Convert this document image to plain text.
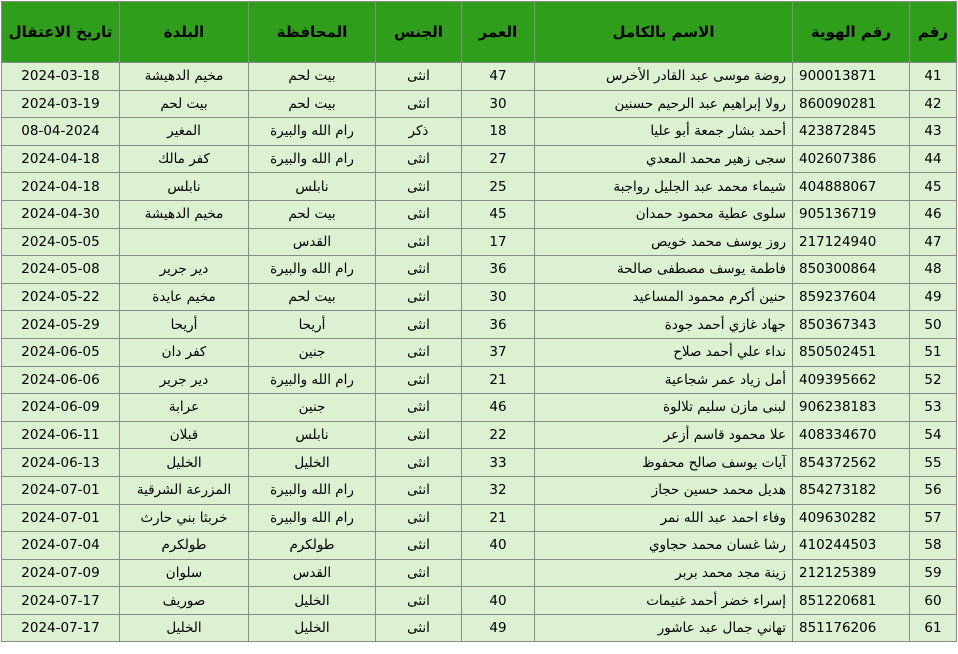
رقم	رقم الهوية	الاسم بالكامل	العمر	الجنس	المحافظة	البلدة	تاريخ الاعتقال
41	900013871	روضة موسى عبد القادر الأخرس	47	انثى	بيت لحم	مخيم الدهيشة	2024-03-18
42	860090281	رولا إبراهيم عبد الرحيم حسنين	30	انثى	بيت لحم	بيت لحم	2024-03-19
43	423872845	أحمد بشار جمعة أبو عليا	18	ذكر	رام الله والبيرة	المغير	08-04-2024
44	402607386	سجى زهير محمد المعدي	27	انثى	رام الله والبيرة	كفر مالك	2024-04-18
45	404888067	شيماء محمد عبد الجليل رواجبة	25	انثى	نابلس	نابلس	2024-04-18
46	905136719	سلوى عطية محمود حمدان	45	انثى	بيت لحم	مخيم الدهيشة	2024-04-30
47	217124940	روز يوسف محمد خويص	17	انثى	القدس		2024-05-05
48	850300864	فاطمة يوسف مصطفى صالحة	36	انثى	رام الله والبيرة	دير جرير	2024-05-08
49	859237604	حنين أكرم محمود المساعيد	30	انثى	بيت لحم	مخيم عايدة	2024-05-22
50	850367343	جهاد غازي أحمد جودة	36	انثى	أريحا	أريحا	2024-05-29
51	850502451	نداء علي أحمد صلاح	37	انثى	جنين	كفر دان	2024-06-05
52	409395662	أمل زياد عمر شجاعية	21	انثى	رام الله والبيرة	دير جرير	2024-06-06
53	906238183	لبنى مازن سليم تلالوة	46	انثى	جنين	عرابة	2024-06-09
54	408334670	علا محمود قاسم أزعر	22	انثى	نابلس	قبلان	2024-06-11
55	854372562	آيات يوسف صالح محفوظ	33	انثى	الخليل	الخليل	2024-06-13
56	854273182	هديل محمد حسين حجاز	32	انثى	رام الله والبيرة	المزرعة الشرقية	2024-07-01
57	409630282	وفاء احمد عبد الله نمر	21	انثى	رام الله والبيرة	خربثا بني حارث	2024-07-01
58	410244503	رشا غسان محمد حجاوي	40	انثى	طولكرم	طولكرم	2024-07-04
59	212125389	زينة مجد محمد بربر		انثى	القدس	سلوان	2024-07-09
60	851220681	إسراء خضر أحمد غنيمات	40	انثى	الخليل	صوريف	2024-07-17
61	851176206	تهاني جمال عبد عاشور	49	انثى	الخليل	الخليل	2024-07-17
